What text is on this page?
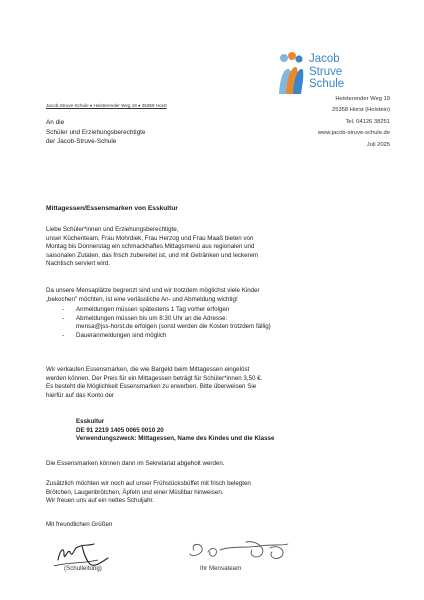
Jacob
Struve
Schule
Heisterender Weg 19
25358 Horst (Holstein)
Tel. 04126 38251
www.jacob-struve-schule.de
Juli 2025
Jacob-Struve-Schule ♦ Heisterender Weg 19 ♦ 25358 Horst
An die
Schüler und Erziehungsberechtigte
der Jacob-Struve-Schule
Mittagessen/Essensmarken von Esskultur
Liebe Schüler*innen und Erziehungsberechtigte,
unser Küchenteam, Frau Mohrdiek, Frau Herzog und Frau Maaß bieten von
Montag bis Donnerstag ein schmackhaftes Mittagsmenü aus regionalen und
saisonalen Zutaten, das frisch zubereitet ist, und mit Getränken und leckerem
Nachtisch serviert wird.
Da unsere Mensaplätze begrenzt sind und wir trotzdem möglichst viele Kinder
„bekochen" möchten, ist eine verlässliche An- und Abmeldung wichtig!
- Anmeldungen müssen spätestens 1 Tag vorher erfolgen
- Abmeldungen müssen bis um 8:30 Uhr an die Adresse:
mensa@jss-horst.de erfolgen (sonst werden die Kosten trotzdem fällig)
- Daueranmeldungen sind möglich
Wir verkaufen Essensmarken, die wie Bargeld beim Mittagessen eingelöst
werden können. Der Preis für ein Mittagessen beträgt für Schüler*innen 3,50 €.
Es besteht die Möglichkeit Essensmarken zu erwerben. Bitte überweisen Sie
hierfür auf das Konto der
Esskultur
DE 91 2219 1405 0065 0010 20
Verwendungszweck: Mittagessen, Name des Kindes und die Klasse
Die Essensmarken können dann im Sekretariat abgeholt werden.
Zusätzlich möchten wir noch auf unser Frühstücksbüffet mit frisch belegten
Brötchen, Laugenbrötchen, Äpfeln und einer Müslibar hinweisen.
Wir freuen uns auf ein nettes Schuljahr.
Mit freundlichen Grüßen
(Schulleitung)	Ihr Mensateam
